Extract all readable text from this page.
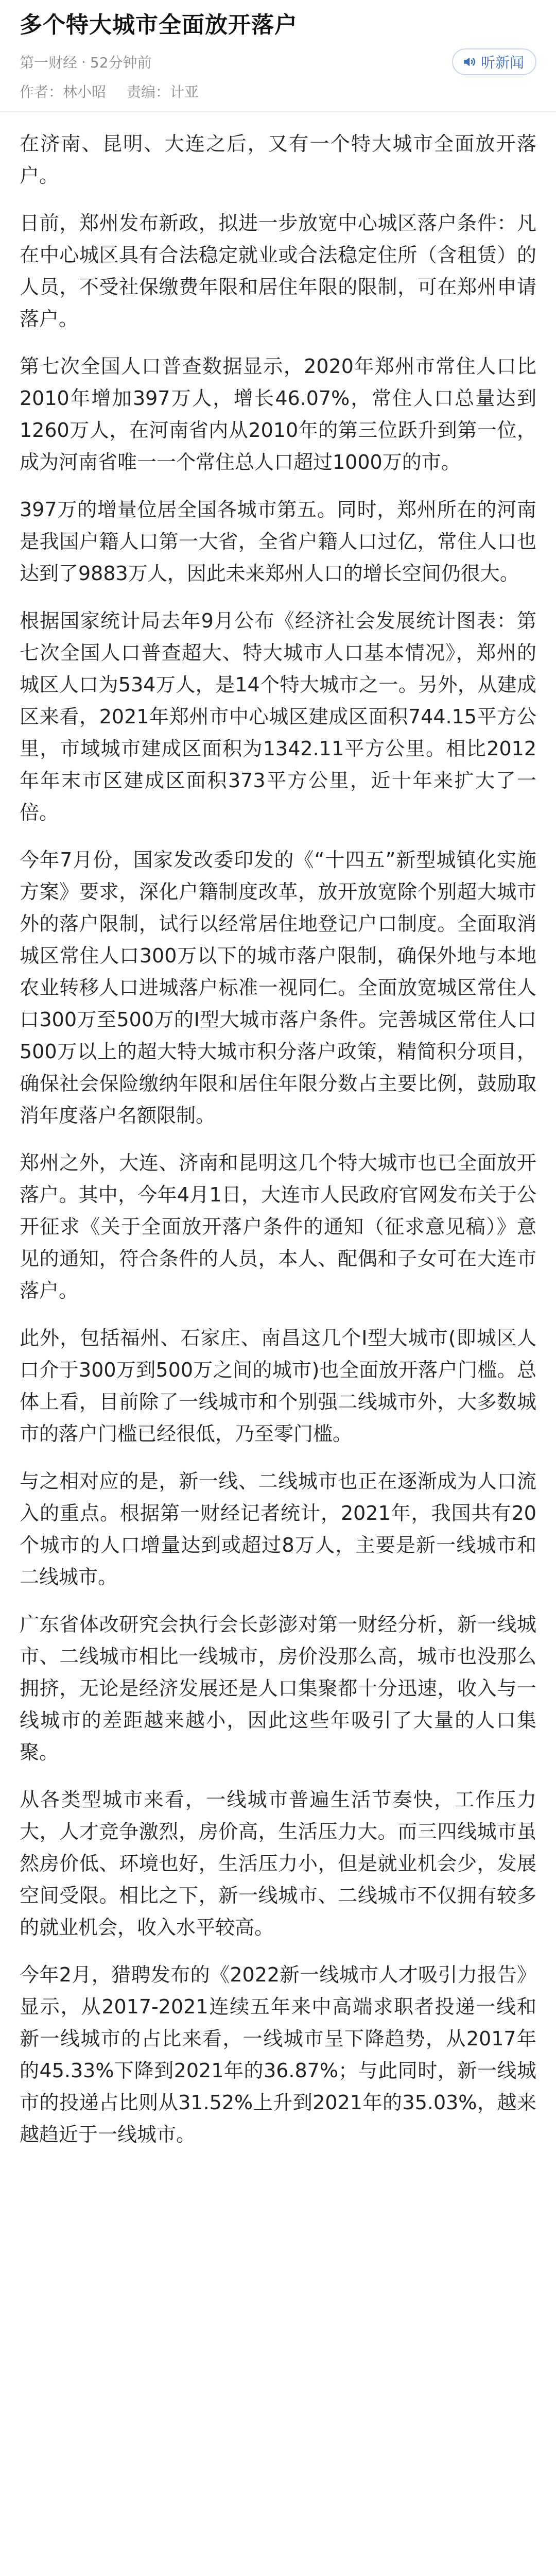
多个特大城市全面放开落户
第一财经 · 52分钟前	听新闻
作者：林小昭 责编：计亚

在济南、昆明、大连之后，又有一个特大城市全面放开落户。

日前，郑州发布新政，拟进一步放宽中心城区落户条件：凡在中心城区具有合法稳定就业或合法稳定住所（含租赁）的人员，不受社保缴费年限和居住年限的限制，可在郑州申请落户。

第七次全国人口普查数据显示，2020年郑州市常住人口比2010年增加397万人，增长46.07%，常住人口总量达到1260万人，在河南省内从2010年的第三位跃升到第一位，成为河南省唯一一个常住总人口超过1000万的市。

397万的增量位居全国各城市第五。同时，郑州所在的河南是我国户籍人口第一大省，全省户籍人口过亿，常住人口也达到了9883万人，因此未来郑州人口的增长空间仍很大。

根据国家统计局去年9月公布《经济社会发展统计图表：第七次全国人口普查超大、特大城市人口基本情况》，郑州的城区人口为534万人，是14个特大城市之一。另外，从建成区来看，2021年郑州市中心城区建成区面积744.15平方公里，市域城市建成区面积为1342.11平方公里。相比2012年年末市区建成区面积373平方公里，近十年来扩大了一倍。

今年7月份，国家发改委印发的《“十四五”新型城镇化实施方案》要求，深化户籍制度改革，放开放宽除个别超大城市外的落户限制，试行以经常居住地登记户口制度。全面取消城区常住人口300万以下的城市落户限制，确保外地与本地农业转移人口进城落户标准一视同仁。全面放宽城区常住人口300万至500万的I型大城市落户条件。完善城区常住人口500万以上的超大特大城市积分落户政策，精简积分项目，确保社会保险缴纳年限和居住年限分数占主要比例，鼓励取消年度落户名额限制。

郑州之外，大连、济南和昆明这几个特大城市也已全面放开落户。其中，今年4月1日，大连市人民政府官网发布关于公开征求《关于全面放开落户条件的通知（征求意见稿）》意见的通知，符合条件的人员，本人、配偶和子女可在大连市落户。

此外，包括福州、石家庄、南昌这几个I型大城市(即城区人口介于300万到500万之间的城市)也全面放开落户门槛。总体上看，目前除了一线城市和个别强二线城市外，大多数城市的落户门槛已经很低，乃至零门槛。

与之相对应的是，新一线、二线城市也正在逐渐成为人口流入的重点。根据第一财经记者统计，2021年，我国共有20个城市的人口增量达到或超过8万人，主要是新一线城市和二线城市。

广东省体改研究会执行会长彭澎对第一财经分析，新一线城市、二线城市相比一线城市，房价没那么高，城市也没那么拥挤，无论是经济发展还是人口集聚都十分迅速，收入与一线城市的差距越来越小，因此这些年吸引了大量的人口集聚。

从各类型城市来看，一线城市普遍生活节奏快，工作压力大，人才竞争激烈，房价高，生活压力大。而三四线城市虽然房价低、环境也好，生活压力小，但是就业机会少，发展空间受限。相比之下，新一线城市、二线城市不仅拥有较多的就业机会，收入水平较高。

今年2月，猎聘发布的《2022新一线城市人才吸引力报告》显示，从2017-2021连续五年来中高端求职者投递一线和新一线城市的占比来看，一线城市呈下降趋势，从2017年的45.33%下降到2021年的36.87%；与此同时，新一线城市的投递占比则从31.52%上升到2021年的35.03%，越来越趋近于一线城市。
